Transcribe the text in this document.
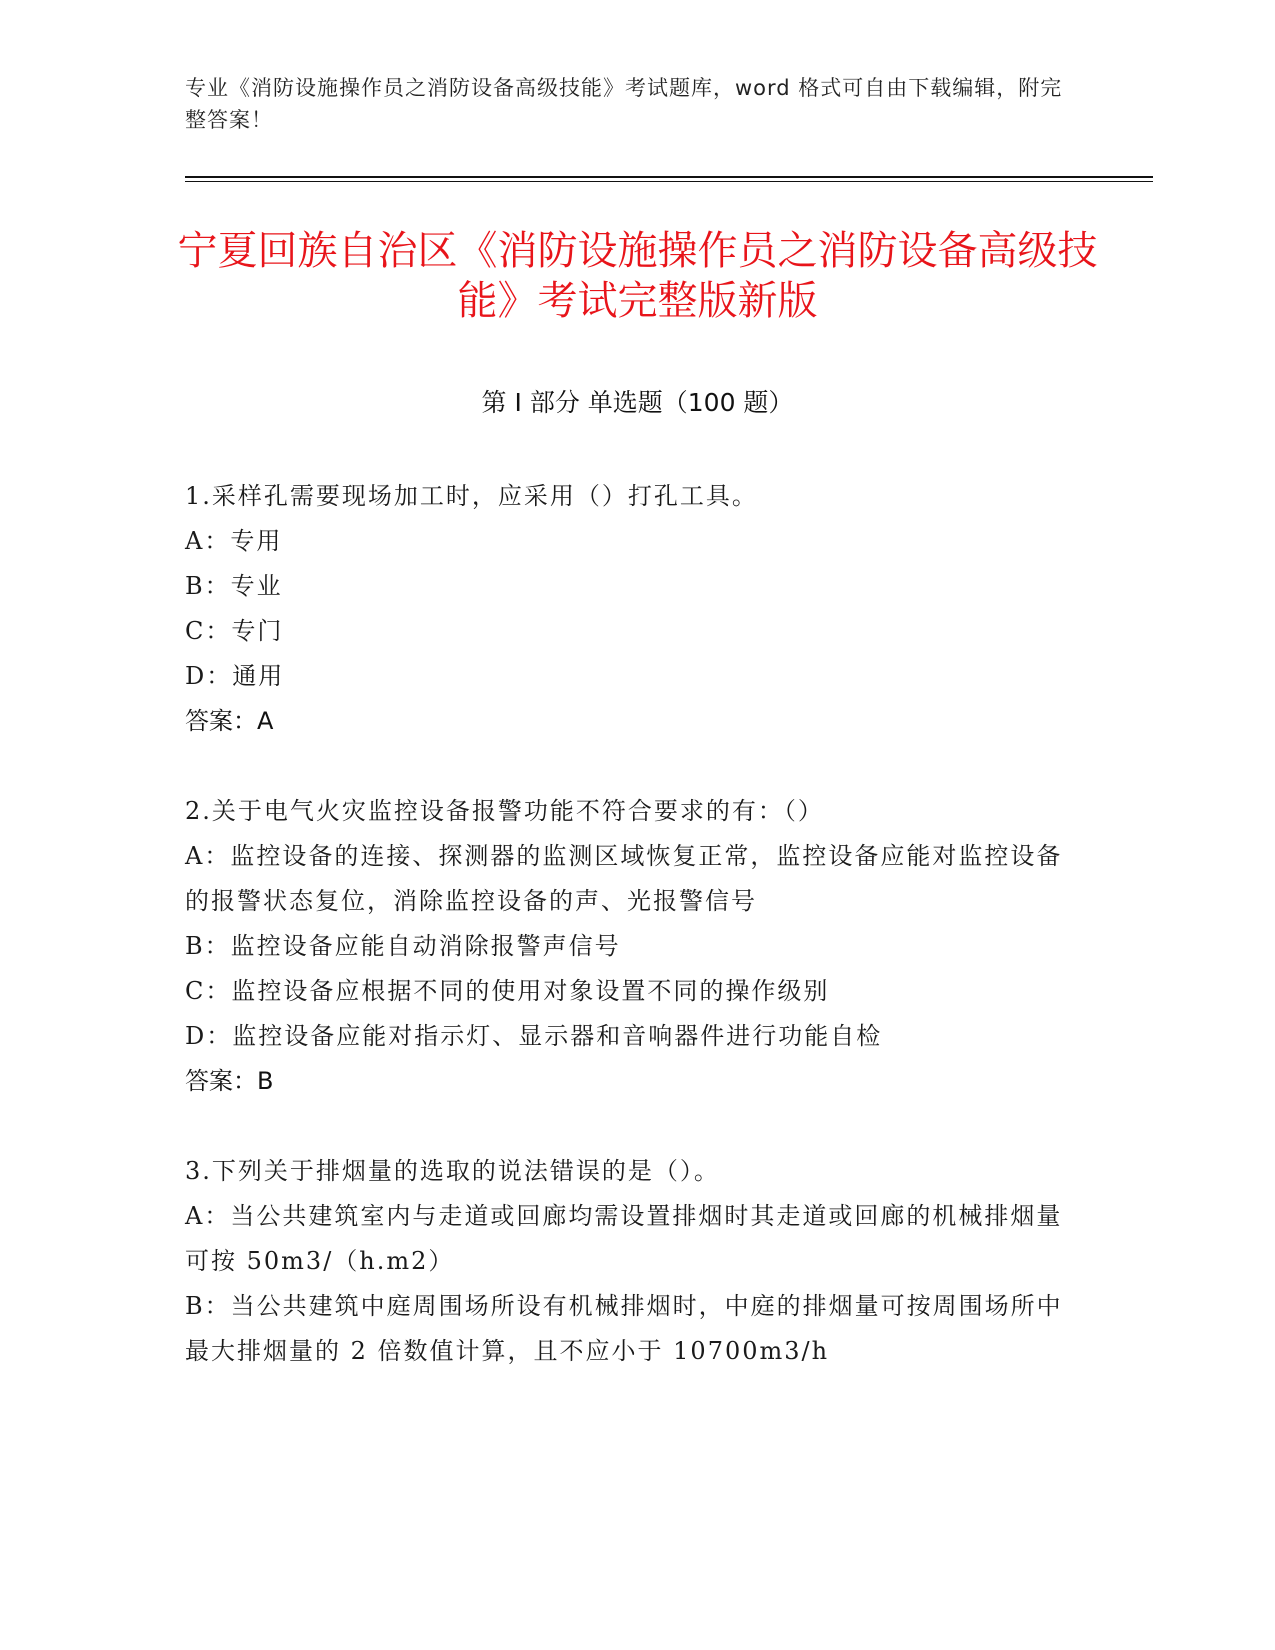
专业《消防设施操作员之消防设备高级技能》考试题库，word 格式可自由下载编辑，附完整答案！
宁夏回族自治区《消防设施操作员之消防设备高级技能》考试完整版新版
第 I 部分 单选题（100 题）

1.采样孔需要现场加工时，应采用（）打孔工具。

A：专用

B：专业

C：专门

D：通用

答案：A

2.关于电气火灾监控设备报警功能不符合要求的有：（）

A：监控设备的连接、探测器的监测区域恢复正常，监控设备应能对监控设备的报警状态复位，消除监控设备的声、光报警信号

B：监控设备应能自动消除报警声信号

C：监控设备应根据不同的使用对象设置不同的操作级别

D：监控设备应能对指示灯、显示器和音响器件进行功能自检

答案：B

3.下列关于排烟量的选取的说法错误的是（）。

A：当公共建筑室内与走道或回廊均需设置排烟时其走道或回廊的机械排烟量可按 50m3/（h.m2）

B：当公共建筑中庭周围场所设有机械排烟时，中庭的排烟量可按周围场所中最大排烟量的 2 倍数值计算，且不应小于 10700m3/h
